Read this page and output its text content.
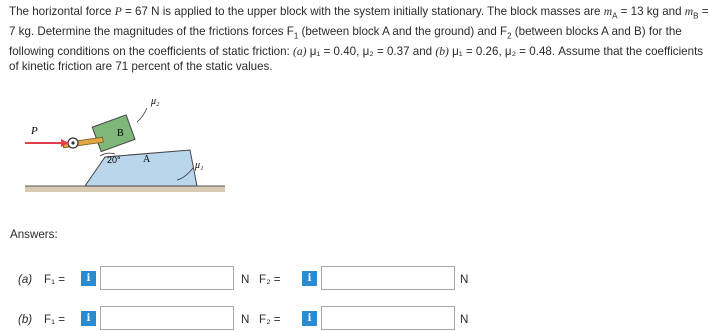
The horizontal force P = 67 N is applied to the upper block with the system initially stationary. The block masses are $m_A = 13$ kg and $m_B = 7$ kg. Determine the magnitudes of the frictions forces $F_1$ (between block A and the ground) and $F_2$ (between blocks A and B) for the following conditions on the coefficients of static friction: (a) μ₁ = 0.40, μ₂ = 0.37 and (b) μ₁ = 0.26, μ₂ = 0.48. Assume that the coefficients of kinetic friction are 71 percent of the static values.
P	B
A
20°
μ₂
μ₁
Answers:
(a) F₁ =	i	N F₂ =	i	N
(b) F₁ =	i	N F₂ =	i	N
